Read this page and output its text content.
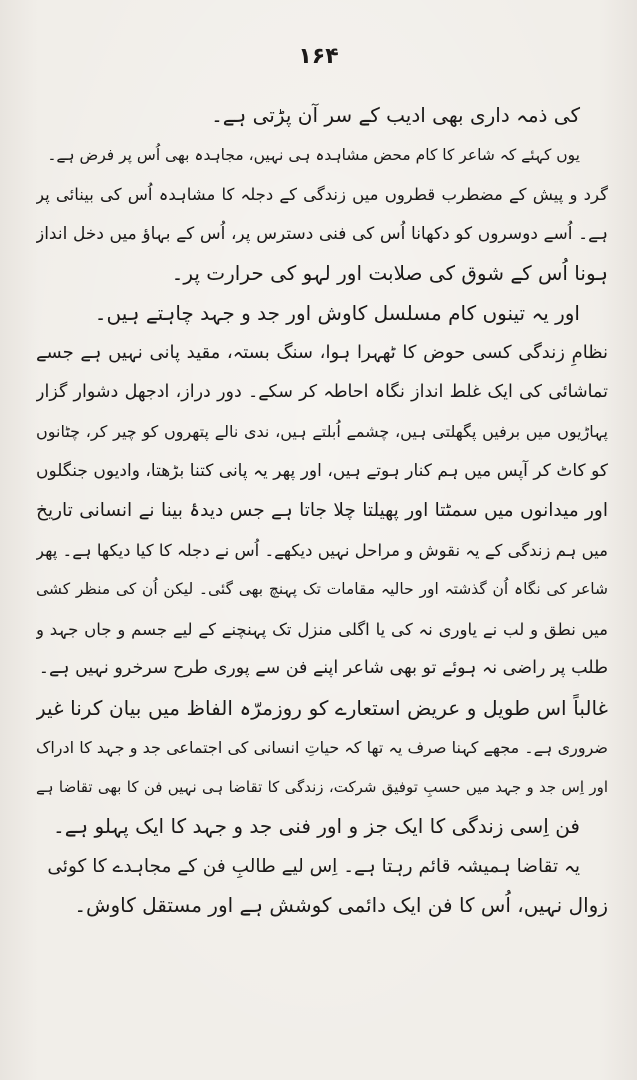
۱۶۴
کی ذمہ داری بھی ادیب کے سر آن پڑتی ہے۔
یوں کہئے کہ شاعر کا کام محض مشاہدہ ہی نہیں، مجاہدہ بھی اُس پر فرض ہے۔
گرد و پیش کے مضطرب قطروں میں زندگی کے دجلہ کا مشاہدہ اُس کی بینائی پر
ہے۔ اُسے دوسروں کو دکھانا اُس کی فنی دسترس پر، اُس کے بہاؤ میں دخل انداز
ہونا اُس کے شوق کی صلابت اور لہو کی حرارت پر۔
اور یہ تینوں کام مسلسل کاوش اور جد و جہد چاہتے ہیں۔
نظامِ زندگی کسی حوض کا ٹھہرا ہوا، سنگ بستہ، مقید پانی نہیں ہے جسے
تماشائی کی ایک غلط انداز نگاہ احاطہ کر سکے۔ دور دراز، ادجھل دشوار گزار
پہاڑیوں میں برفیں پگھلتی ہیں، چشمے اُبلتے ہیں، ندی نالے پتھروں کو چیر کر، چٹانوں
کو کاٹ کر آپس میں ہم کنار ہوتے ہیں، اور پھر یہ پانی کتنا بڑھتا، وادیوں جنگلوں
اور میدانوں میں سمٹتا اور پھیلتا چلا جاتا ہے جس دیدۂ بینا نے انسانی تاریخ
میں ہم زندگی کے یہ نقوش و مراحل نہیں دیکھے۔ اُس نے دجلہ کا کیا دیکھا ہے۔ پھر
شاعر کی نگاہ اُن گذشتہ اور حالیہ مقامات تک پہنچ بھی گئی۔ لیکن اُن کی منظر کشی
میں نطق و لب نے یاوری نہ کی یا اگلی منزل تک پہنچنے کے لیے جسم و جاں جہد و
طلب پر راضی نہ ہوئے تو بھی شاعر اپنے فن سے پوری طرح سرخرو نہیں ہے۔
غالباً اس طویل و عریض استعارے کو روزمرّہ الفاظ میں بیان کرنا غیر
ضروری ہے۔ مجھے کہنا صرف یہ تھا کہ حیاتِ انسانی کی اجتماعی جد و جہد کا ادراک
اور اِس جد و جہد میں حسبِ توفیق شرکت، زندگی کا تقاضا ہی نہیں فن کا بھی تقاضا ہے
فن اِسی زندگی کا ایک جز و اور فنی جد و جہد کا ایک پہلو ہے۔
یہ تقاضا ہمیشہ قائم رہتا ہے۔ اِس لیے طالبِ فن کے مجاہدے کا کوئی
زوال نہیں، اُس کا فن ایک دائمی کوشش ہے اور مستقل کاوش۔
